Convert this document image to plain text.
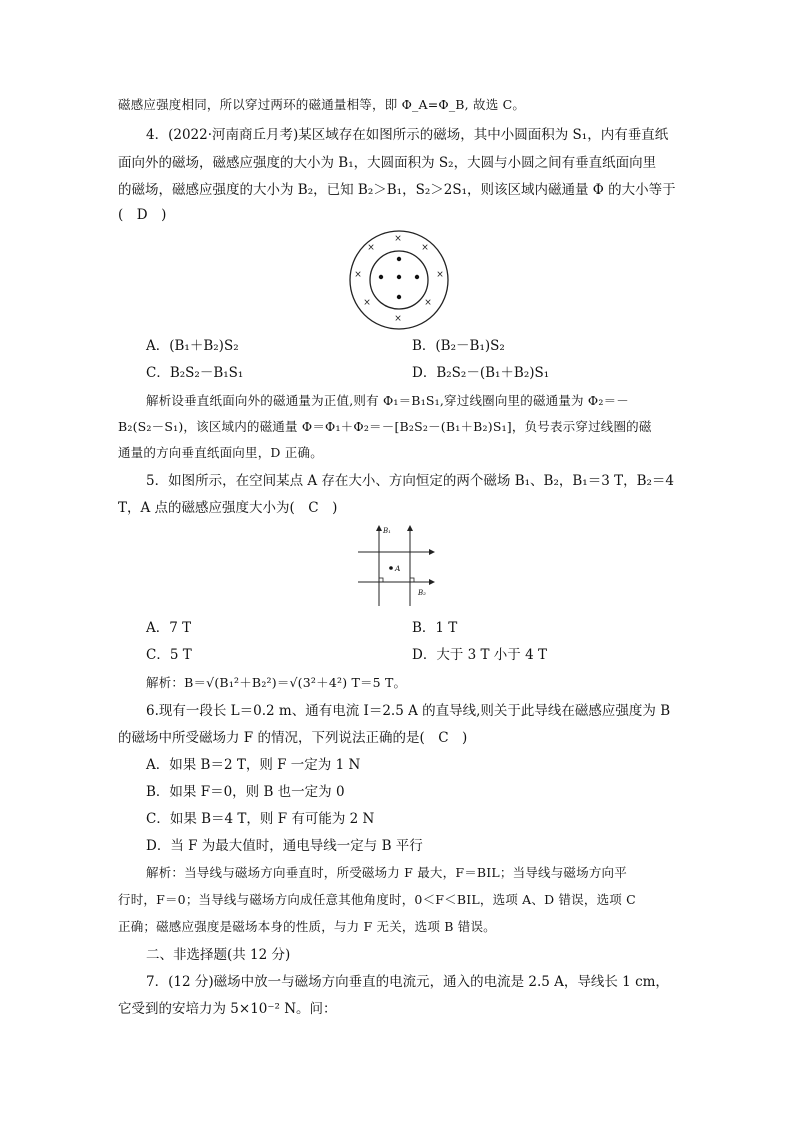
磁感应强度相同，所以穿过两环的磁通量相等，即 Φ_A=Φ_B, 故选 C。
4．(2022·河南商丘月考)某区域存在如图所示的磁场，其中小圆面积为 S₁，内有垂直纸
面向外的磁场，磁感应强度的大小为 B₁，大圆面积为 S₂，大圆与小圆之间有垂直纸面向里
的磁场，磁感应强度的大小为 B₂，已知 B₂＞B₁，S₂＞2S₁，则该区域内磁通量 Φ 的大小等于
(　D　)
×
×	×
×	×
×	×
×
A．(B₁＋B₂)S₂	B．(B₂－B₁)S₂
C．B₂S₂－B₁S₁	D．B₂S₂－(B₁＋B₂)S₁
解析设垂直纸面向外的磁通量为正值,则有 Φ₁＝B₁S₁,穿过线圈向里的磁通量为 Φ₂＝－
B₂(S₂－S₁)，该区域内的磁通量 Φ＝Φ₁＋Φ₂＝－[B₂S₂－(B₁＋B₂)S₁]，负号表示穿过线圈的磁
通量的方向垂直纸面向里，D 正确。
5．如图所示，在空间某点 A 存在大小、方向恒定的两个磁场 B₁、B₂，B₁＝3 T，B₂＝4
T，A 点的磁感应强度大小为(　C　)
A
B₁
B₂
A．7 T	B．1 T
C．5 T	D．大于 3 T 小于 4 T
解析：B＝√(B₁²＋B₂²)＝√(3²＋4²) T＝5 T。
6.现有一段长 L＝0.2 m、通有电流 I＝2.5 A 的直导线,则关于此导线在磁感应强度为 B
的磁场中所受磁场力 F 的情况，下列说法正确的是(　C　)
A．如果 B＝2 T，则 F 一定为 1 N
B．如果 F＝0，则 B 也一定为 0
C．如果 B＝4 T，则 F 有可能为 2 N
D．当 F 为最大值时，通电导线一定与 B 平行
解析：当导线与磁场方向垂直时，所受磁场力 F 最大，F＝BIL；当导线与磁场方向平
行时，F＝0；当导线与磁场方向成任意其他角度时，0＜F＜BIL，选项 A、D 错误，选项 C
正确；磁感应强度是磁场本身的性质，与力 F 无关，选项 B 错误。
二、非选择题(共 12 分)
7．(12 分)磁场中放一与磁场方向垂直的电流元，通入的电流是 2.5 A，导线长 1 cm，
它受到的安培力为 5×10⁻² N。问：
